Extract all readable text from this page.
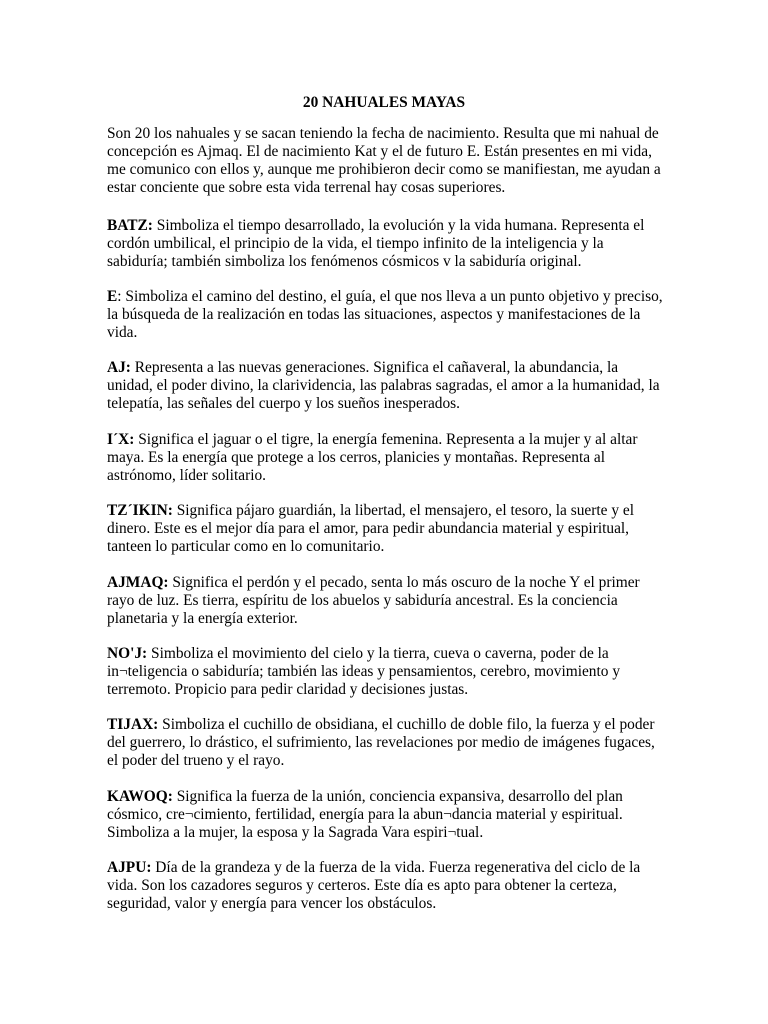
20 NAHUALES MAYAS

Son 20 los nahuales y se sacan teniendo la fecha de nacimiento. Resulta que mi nahual de concepción es Ajmaq. El de nacimiento Kat y el de futuro E. Están presentes en mi vida, me comunico con ellos y, aunque me prohibieron decir como se manifiestan, me ayudan a estar conciente que sobre esta vida terrenal hay cosas superiores.

BATZ: Simboliza el tiempo desarrollado, la evolución y la vida humana. Representa el cordón umbilical, el principio de la vida, el tiempo infinito de la inteligencia y la sabiduría; también simboliza los fenómenos cósmicos v la sabiduría original.

E: Simboliza el camino del destino, el guía, el que nos lleva a un punto objetivo y preciso, la búsqueda de la realización en todas las situaciones, aspectos y manifestaciones de la vida.

AJ: Representa a las nuevas generaciones. Significa el cañaveral, la abundancia, la unidad, el poder divino, la clarividencia, las palabras sagradas, el amor a la humanidad, la telepatía, las señales del cuerpo y los sueños inesperados.

I´X: Significa el jaguar o el tigre, la energía femenina. Representa a la mujer y al altar maya. Es la energía que protege a los cerros, planicies y montañas. Representa al astrónomo, líder solitario.

TZ´IKIN: Significa pájaro guardián, la libertad, el mensajero, el tesoro, la suerte y el dinero. Este es el mejor día para el amor, para pedir abundancia material y espiritual, tanteen lo particular como en lo comunitario.

AJMAQ: Significa el perdón y el pecado, senta lo más oscuro de la noche Y el primer rayo de luz. Es tierra, espíritu de los abuelos y sabiduría ancestral. Es la conciencia planetaria y la energía exterior.

NO'J: Simboliza el movimiento del cielo y la tierra, cueva o caverna, poder de la in¬teligencia o sabiduría; también las ideas y pensamientos, cerebro, movimiento y terremoto. Propicio para pedir claridad y decisiones justas.

TIJAX: Simboliza el cuchillo de obsidiana, el cuchillo de doble filo, la fuerza y el poder del guerrero, lo drástico, el sufrimiento, las revelaciones por medio de imágenes fugaces, el poder del trueno y el rayo.

KAWOQ: Significa la fuerza de la unión, conciencia expansiva, desarrollo del plan cósmico, cre¬cimiento, fertilidad, energía para la abun¬dancia material y espiritual. Simboliza a la mujer, la esposa y la Sagrada Vara espiri¬tual.

AJPU: Día de la grandeza y de la fuerza de la vida. Fuerza regenerativa del ciclo de la vida. Son los cazadores seguros y certeros. Este día es apto para obtener la certeza, seguridad, valor y energía para vencer los obstáculos.
